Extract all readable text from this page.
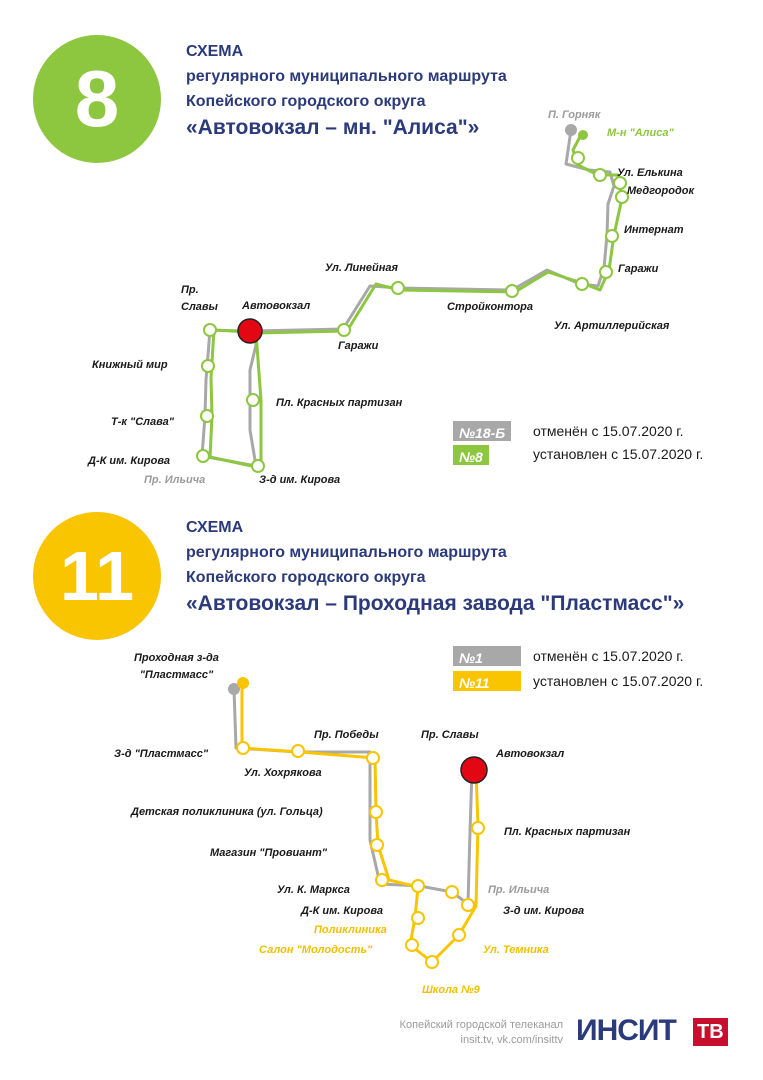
8
СХЕМА
регулярного муниципального маршрута
Копейского городского округа
«Автовокзал – мн. "Алиса"»
П. Горняк
М-н "Алиса"
Ул. Елькина
Медгородок
Интернат
Гаражи
Ул. Артиллерийская
Стройконтора
Ул. Линейная
Гаражи
Автовокзал
Пр.
Славы
Книжный мир
Т-к "Слава"
Д-К им. Кирова
Пр. Ильича	З-д им. Кирова
Пл. Красных партизан
№18-Б	отменён с 15.07.2020 г.
№8	установлен с 15.07.2020 г.
11
СХЕМА
регулярного муниципального маршрута
Копейского городского округа
«Автовокзал – Проходная завода "Пластмасс"»
№1	отменён с 15.07.2020 г.
№11	установлен с 15.07.2020 г.
Проходная з-да
"Пластмасс"
З-д "Пластмасс"
Ул. Хохрякова
Пр. Победы
Детская поликлиника (ул. Гольца)
Магазин "Провиант"
Ул. К. Маркса
Д-К им. Кирова
Поликлиника
Салон "Молодость"
Школа №9
Ул. Темника
З-д им. Кирова
Пр. Ильича
Пл. Красных партизан
Пр. Славы
Автовокзал
Копейский городской телеканал
insit.tv, vk.com/insittv ИНСИТ ТВ
